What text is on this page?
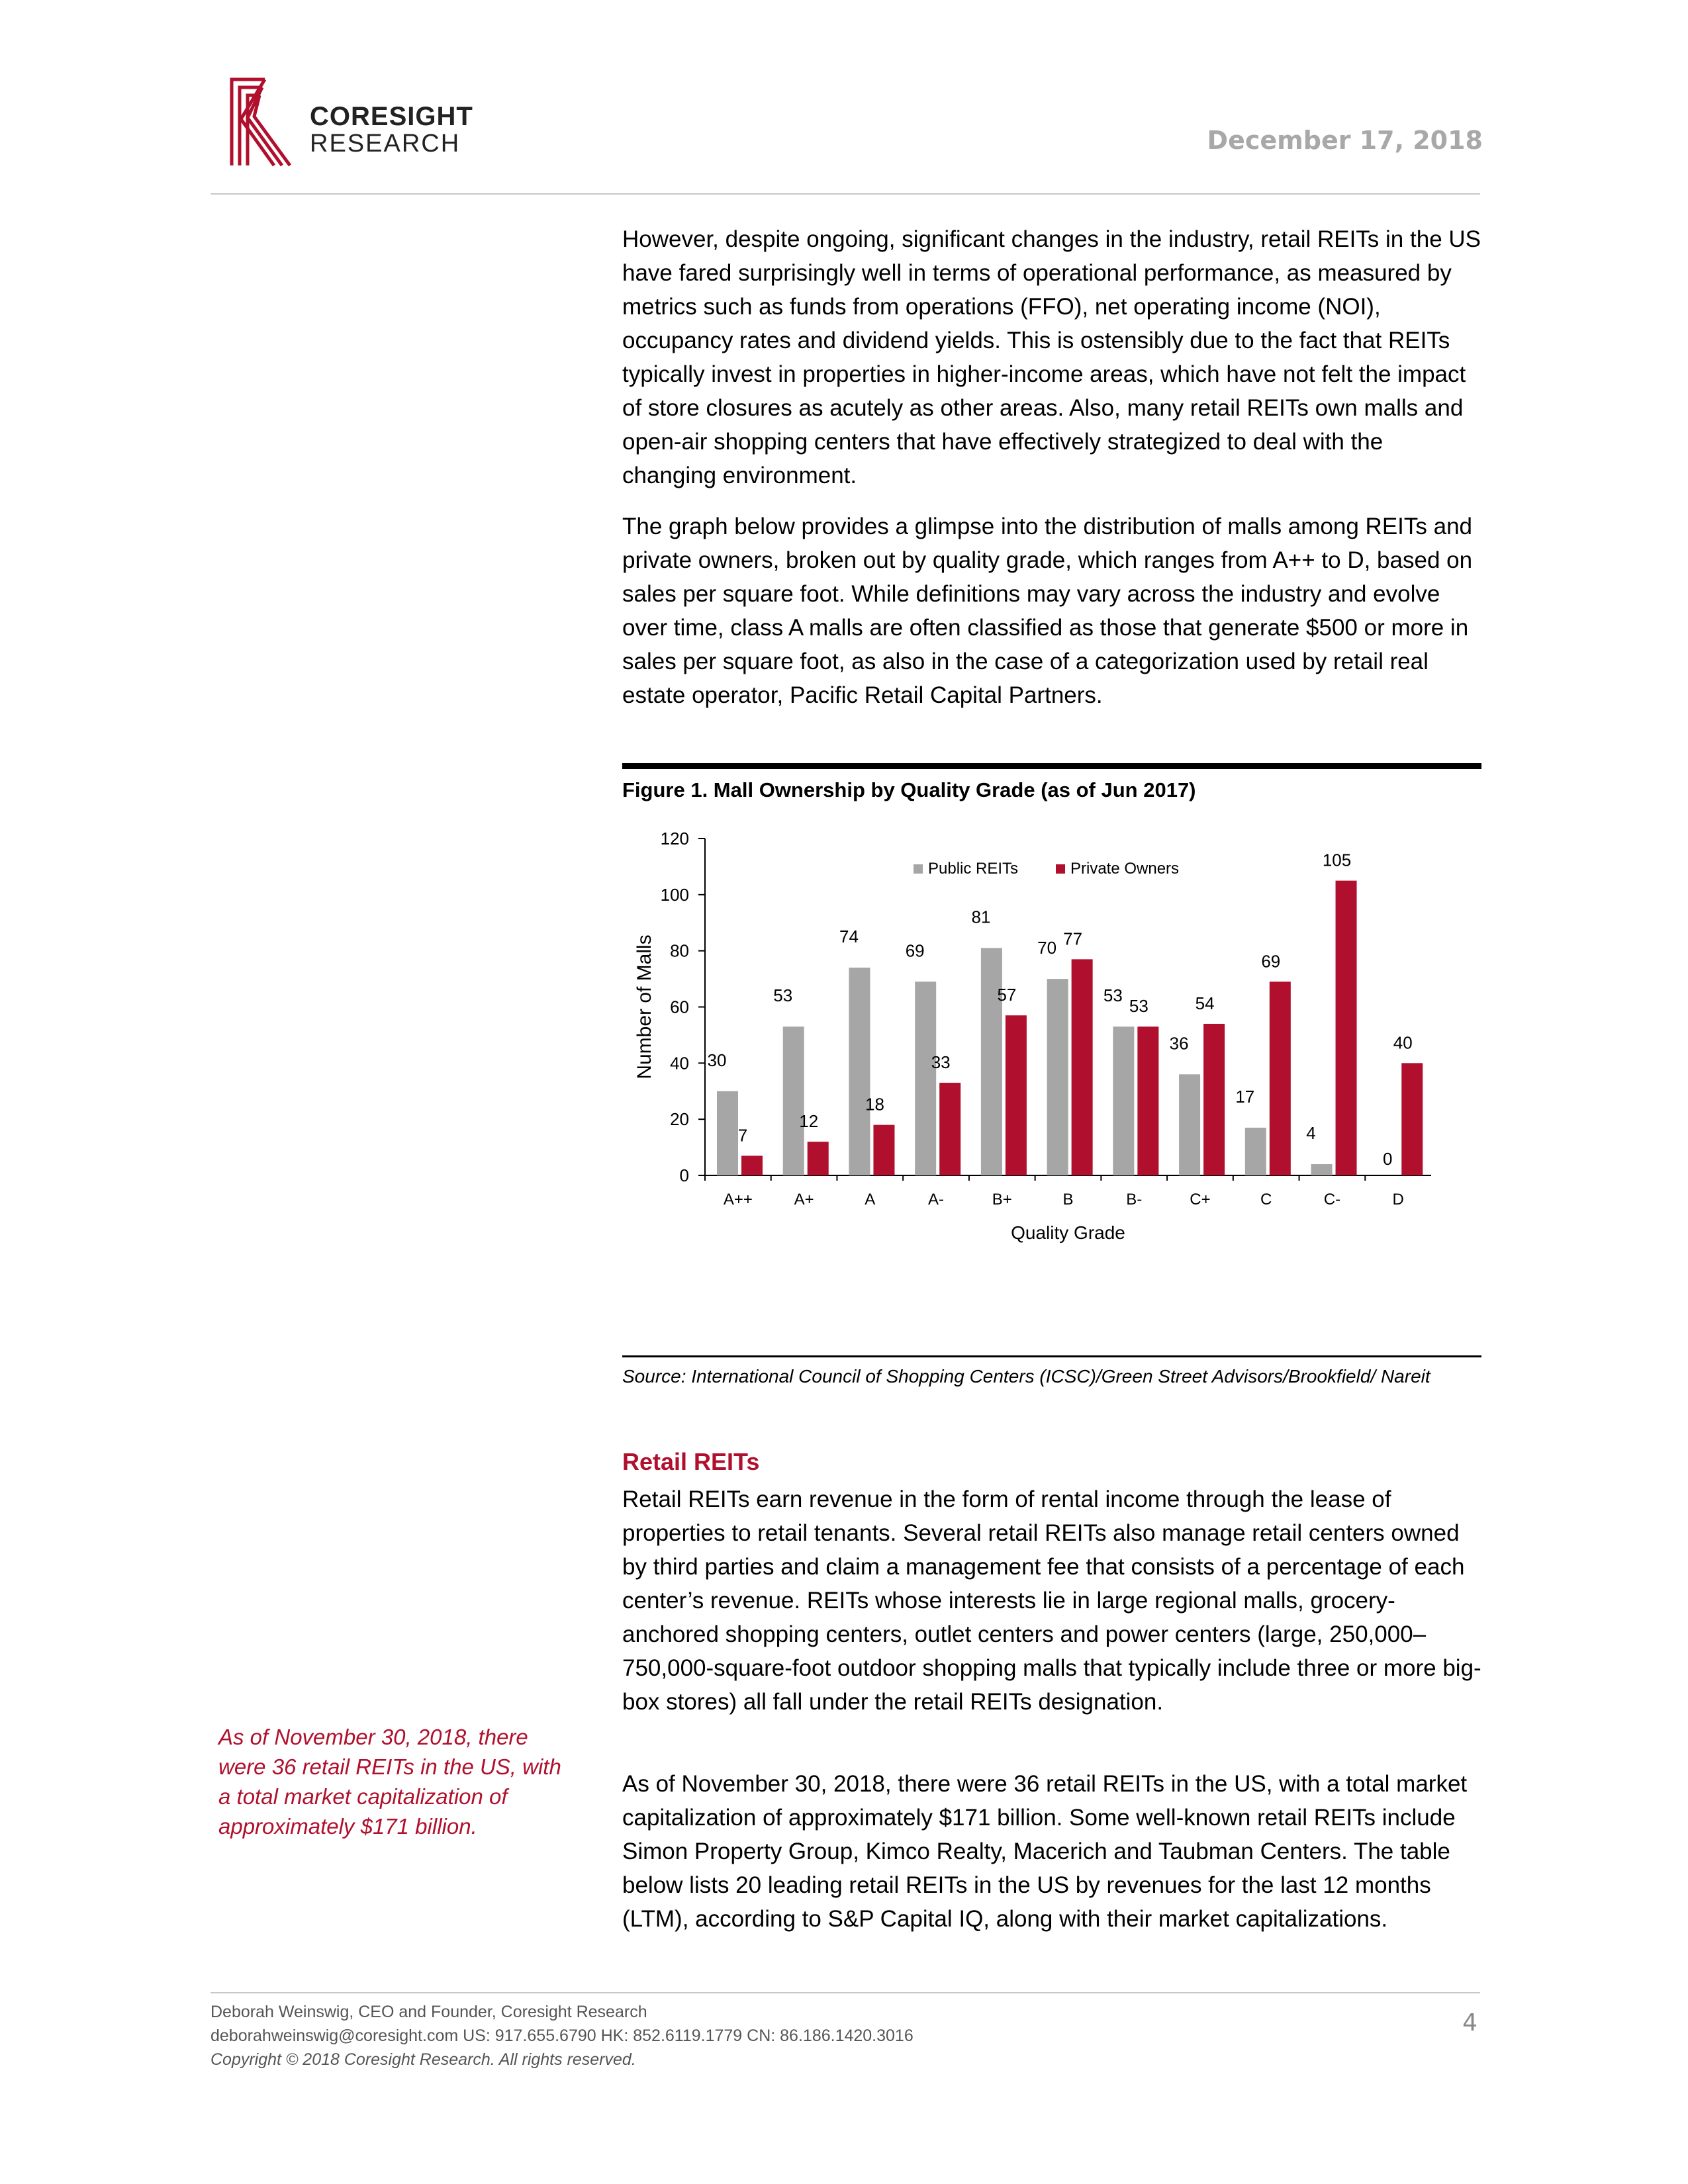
CORESIGHT
RESEARCH	December 17, 2018

However, despite ongoing, significant changes in the industry, retail REITs in the US have fared surprisingly well in terms of operational performance, as measured by metrics such as funds from operations (FFO), net operating income (NOI), occupancy rates and dividend yields. This is ostensibly due to the fact that REITs typically invest in properties in higher-income areas, which have not felt the impact of store closures as acutely as other areas. Also, many retail REITs own malls and open-air shopping centers that have effectively strategized to deal with the changing environment.

The graph below provides a glimpse into the distribution of malls among REITs and private owners, broken out by quality grade, which ranges from A++ to D, based on sales per square foot. While definitions may vary across the industry and evolve over time, class A malls are often classified as those that generate $500 or more in sales per square foot, as also in the case of a categorization used by retail real estate operator, Pacific Retail Capital Partners.

Figure 1. Mall Ownership by Quality Grade (as of Jun 2017)
0
20
40
60
80
100
120
Number of Malls
Quality Grade
A++	A+	A	A-	B+	B	B-	C+	C	C-	D
30
7
53
12
74
18
69
33
81
57
70 77
53
53
36
54
17
69
4
105
0
40
Public REITs	Private Owners
Source: International Council of Shopping Centers (ICSC)/Green Street Advisors/Brookfield/ Nareit
Retail REITs

Retail REITs earn revenue in the form of rental income through the lease of properties to retail tenants. Several retail REITs also manage retail centers owned by third parties and claim a management fee that consists of a percentage of each center’s revenue. REITs whose interests lie in large regional malls, grocery-anchored shopping centers, outlet centers and power centers (large, 250,000–750,000-square-foot outdoor shopping malls that typically include three or more big-box stores) all fall under the retail REITs designation.

As of November 30, 2018, there were 36 retail REITs in the US, with a total market capitalization of approximately $171 billion. Some well-known retail REITs include Simon Property Group, Kimco Realty, Macerich and Taubman Centers. The table below lists 20 leading retail REITs in the US by revenues for the last 12 months (LTM), according to S&P Capital IQ, along with their market capitalizations.

As of November 30, 2018, there were 36 retail REITs in the US, with a total market capitalization of approximately $171 billion.
Deborah Weinswig, CEO and Founder, Coresight Research
deborahweinswig@coresight.com US: 917.655.6790 HK: 852.6119.1779 CN: 86.186.1420.3016
Copyright © 2018 Coresight Research. All rights reserved.
4
